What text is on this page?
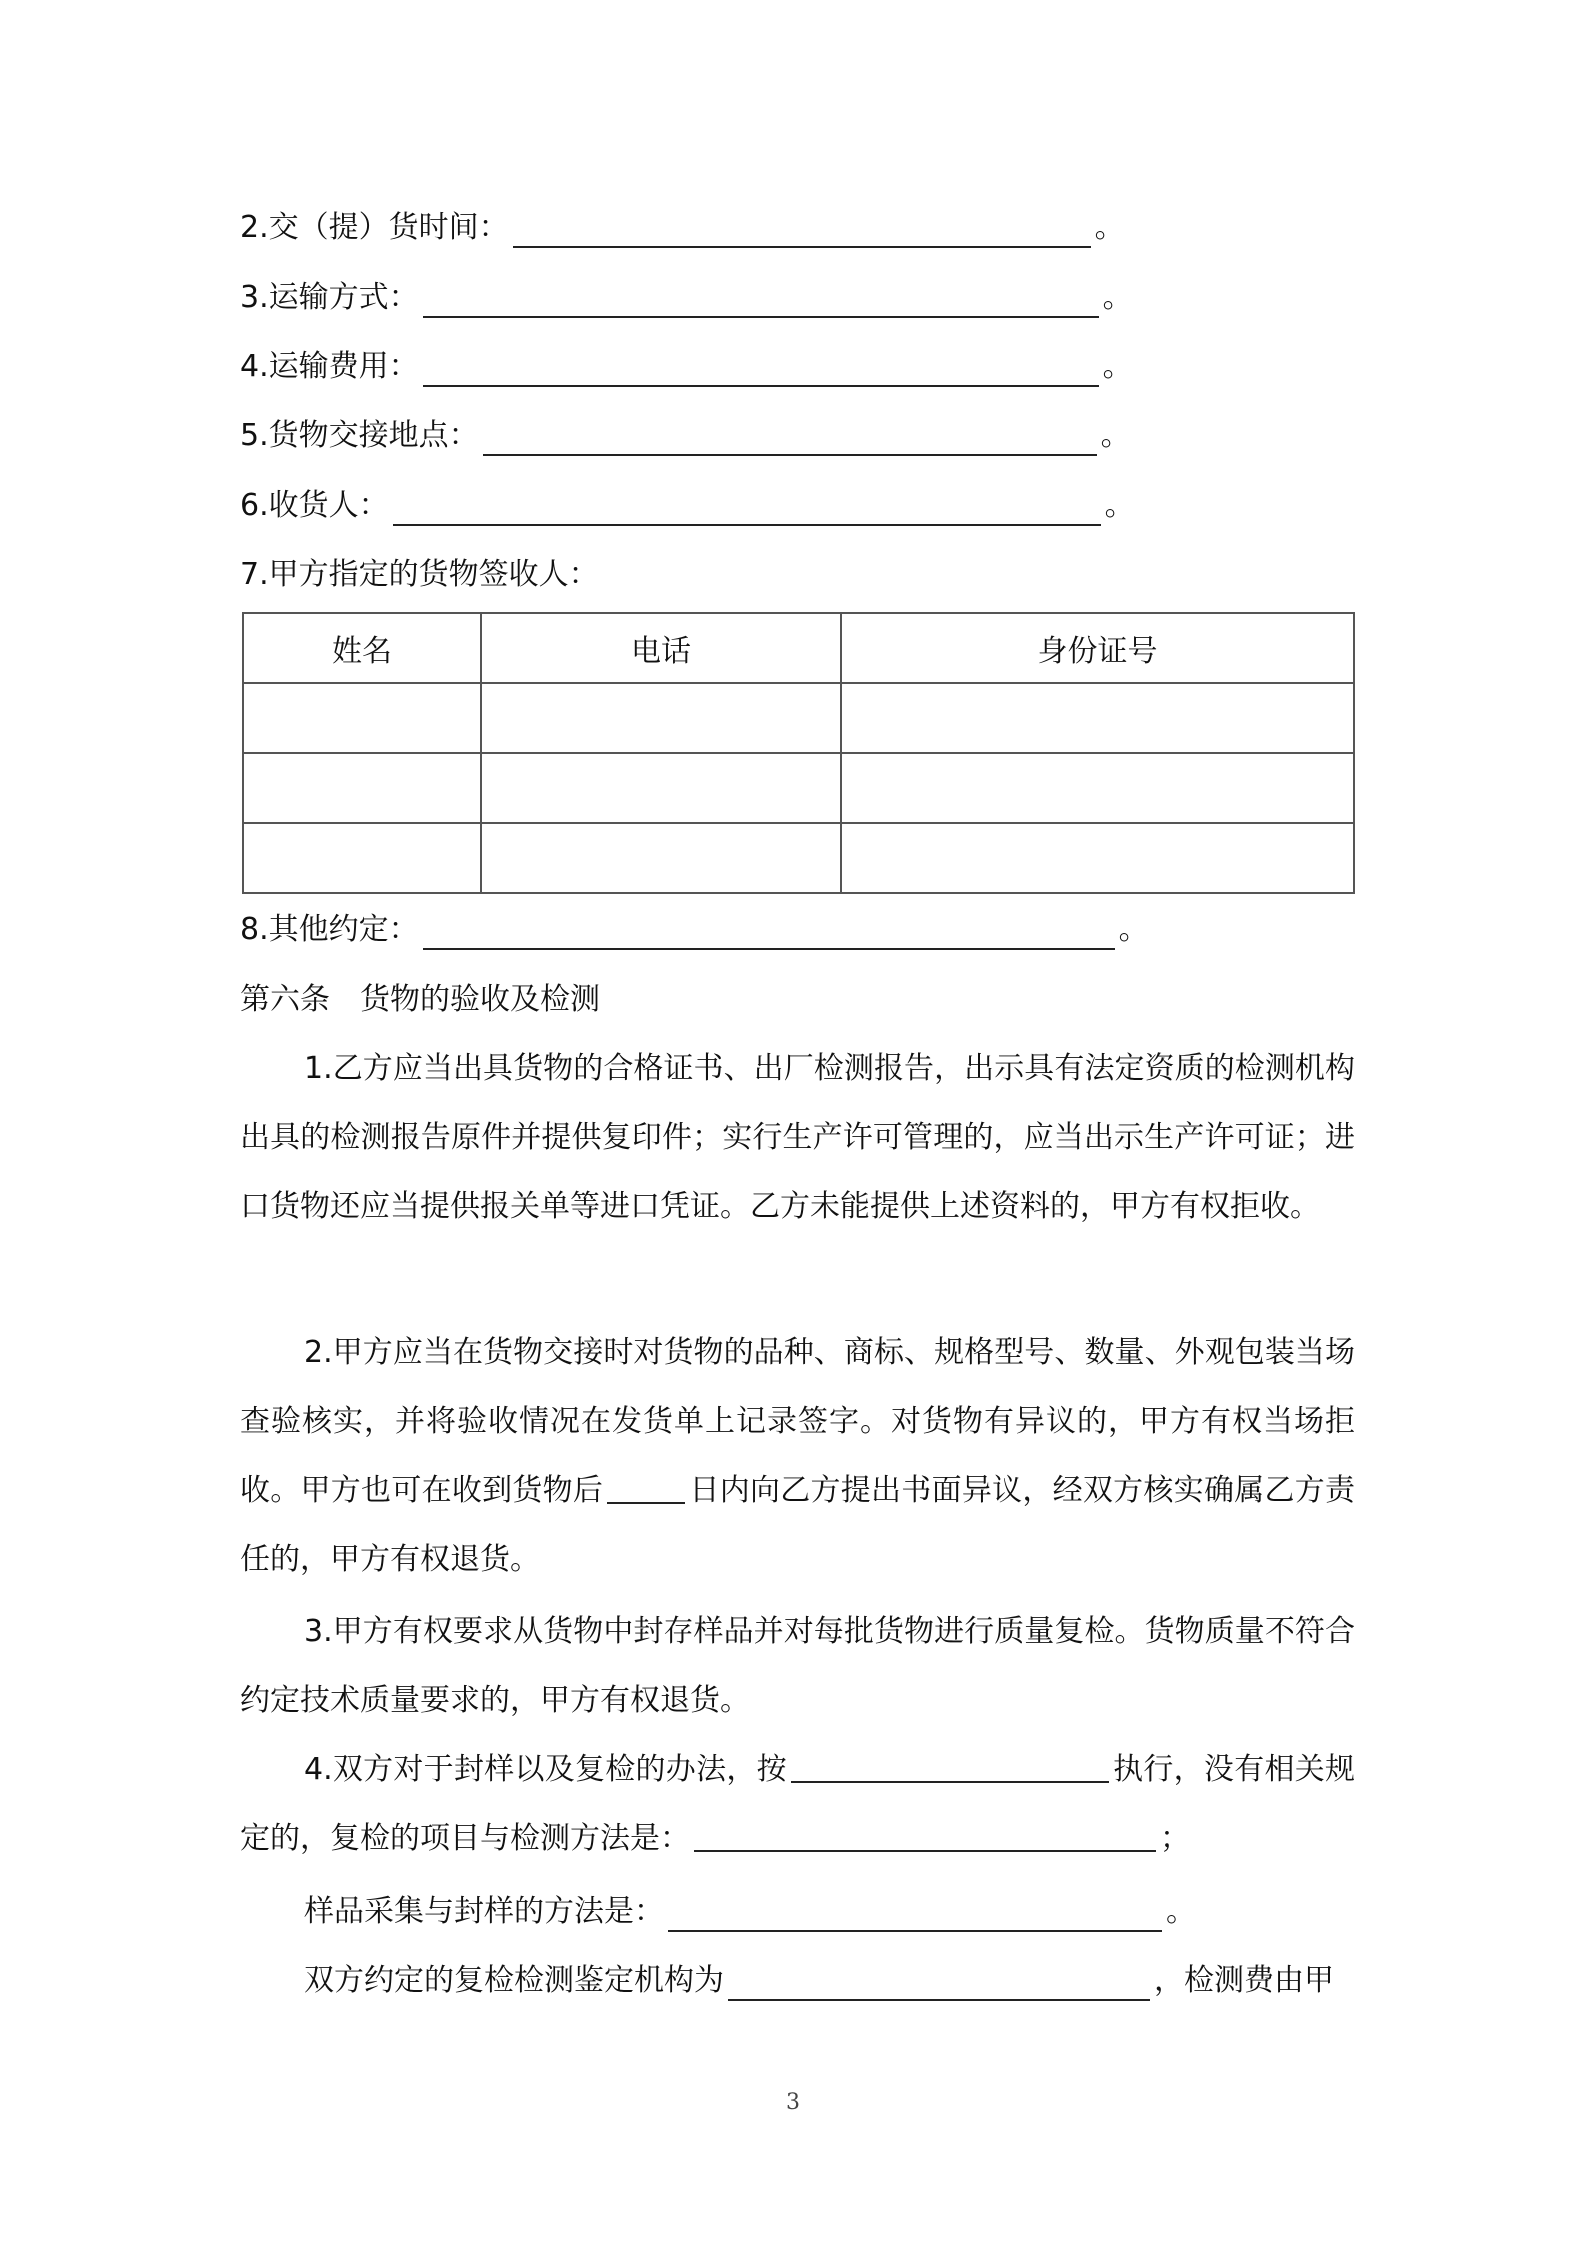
2.交（提）货时间：	。
3.运输方式：	。
4.运输费用：	。
5.货物交接地点：	。
6.收货人：	。
7.甲方指定的货物签收人：
姓名	电话	身份证号

8.其他约定：	。
第六条　货物的验收及检测
1.乙方应当出具货物的合格证书、出厂检测报告，出示具有法定资质的检测机构出具的检测报告原件并提供复印件；实行生产许可管理的，应当出示生产许可证；进口货物还应当提供报关单等进口凭证。乙方未能提供上述资料的，甲方有权拒收。
2.甲方应当在货物交接时对货物的品种、商标、规格型号、数量、外观包装当场查验核实，并将验收情况在发货单上记录签字。对货物有异议的，甲方有权当场拒收。甲方也可在收到货物后	日内向乙方提出书面异议，经双方核实确属乙方责任的，甲方有权退货。
3.甲方有权要求从货物中封存样品并对每批货物进行质量复检。货物质量不符合约定技术质量要求的，甲方有权退货。
4.双方对于封样以及复检的办法，按	执行，没有相关规定的，复检的项目与检测方法是：	；
样品采集与封样的方法是：	。
双方约定的复检检测鉴定机构为	，检测费由甲
3
